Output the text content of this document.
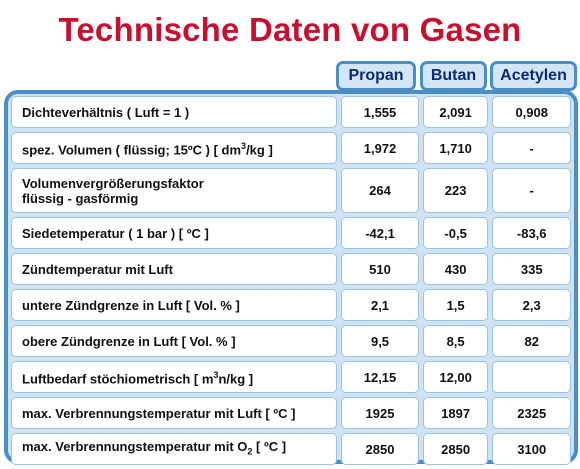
Technische Daten von Gasen
Propan	Butan	Acetylen
Dichteverhältnis ( Luft = 1 )	1,555	2,091	0,908
spez. Volumen ( flüssig; 15ºC ) [ $dm^3/kg$ ]	1,972	1,710	-
Volumenvergrößerungsfaktor
flüssig - gasförmig	264	223	-
Siedetemperatur ( 1 bar ) [ ºC ]	-42,1	-0,5	-83,6
Zündtemperatur mit Luft	510	430	335
untere Zündgrenze in Luft [ Vol. % ]	2,1	1,5	2,3
obere Zündgrenze in Luft [ Vol. % ]	9,5	8,5	82
Luftbedarf stöchiometrisch [ $m^3n/kg$ ]	12,15	12,00
max. Verbrennungstemperatur mit Luft [ ºC ]	1925	1897	2325
max. Verbrennungstemperatur mit $O_2$ [ ºC ]	2850	2850	3100
